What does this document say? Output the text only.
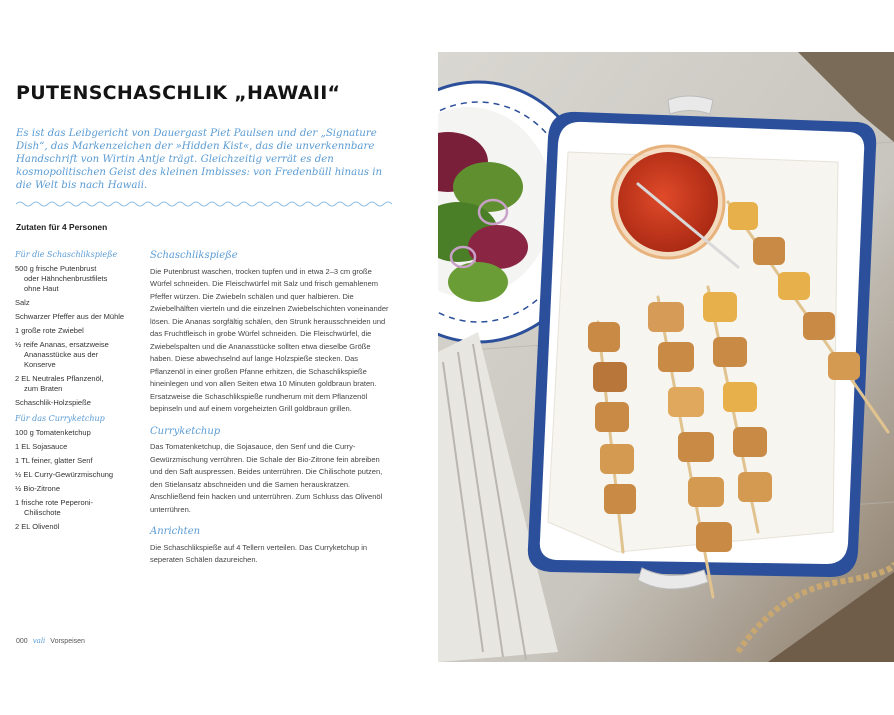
PUTENSCHASCHLIK „HAWAII“

Es ist das Leibgericht von Dauergast Piet Paulsen und der „Signature Dish“, das Markenzeichen der »Hidden Kist«, das die unverkennbare Handschrift von Wirtin Antje trägt. Gleichzeitig verrät es den kosmopolitischen Geist des kleinen Imbisses: von Fredenbüll hinaus in die Welt bis nach Hawaii.

Zutaten für 4 Personen
Für die Schaschlikspieße
500 g frische Putenbrust
oder Hähnchenbrustfilets
ohne Haut
Salz
Schwarzer Pfeffer aus der Mühle
1 große rote Zwiebel
½ reife Ananas, ersatzweise
Ananasstücke aus der
Konserve
2 EL Neutrales Pflanzenöl,
zum Braten
Schaschlik-Holzspieße
Für das Curryketchup
100 g Tomatenketchup
1 EL Sojasauce
1 TL feiner, glatter Senf
½ EL Curry-Gewürzmischung
½ Bio-Zitrone
1 frische rote Peperoni-
Chilischote
2 EL Olivenöl
Schaschlikspieße

Die Putenbrust waschen, trocken tupfen und in etwa 2–3 cm große Würfel schneiden. Die Fleischwürfel mit Salz und frisch gemahlenem Pfeffer würzen. Die Zwiebeln schälen und quer halbieren. Die Zwiebelhälften vierteln und die einzelnen Zwiebelschichten voneinander lösen. Die Ananas sorgfältig schälen, den Strunk herausschneiden und das Fruchtfleisch in grobe Würfel schneiden. Die Fleischwürfel, die Zwiebelspalten und die Ananasstücke sollten etwa dieselbe Größe haben. Diese abwechselnd auf lange Holzspieße stecken. Das Pflanzenöl in einer großen Pfanne erhitzen, die Schaschlikspieße hineinlegen und von allen Seiten etwa 10 Minuten goldbraun braten. Ersatzweise die Schaschlikspieße rundherum mit dem Pflanzenöl bepinseln und auf einem vorgeheizten Grill goldbraun grillen.

Curryketchup

Das Tomatenketchup, die Sojasauce, den Senf und die Curry-Gewürzmischung verrühren. Die Schale der Bio-Zitrone fein abreiben und den Saft auspressen. Beides unterrühren. Die Chilischote putzen, den Stielansatz abschneiden und die Samen herauskratzen. Anschließend fein hacken und unterrühren. Zum Schluss das Olivenöl unterrühren.

Anrichten

Die Schaschlikspieße auf 4 Tellern verteilen. Das Curryketchup in seperaten Schälen dazureichen.

000 vali Vorspeisen
